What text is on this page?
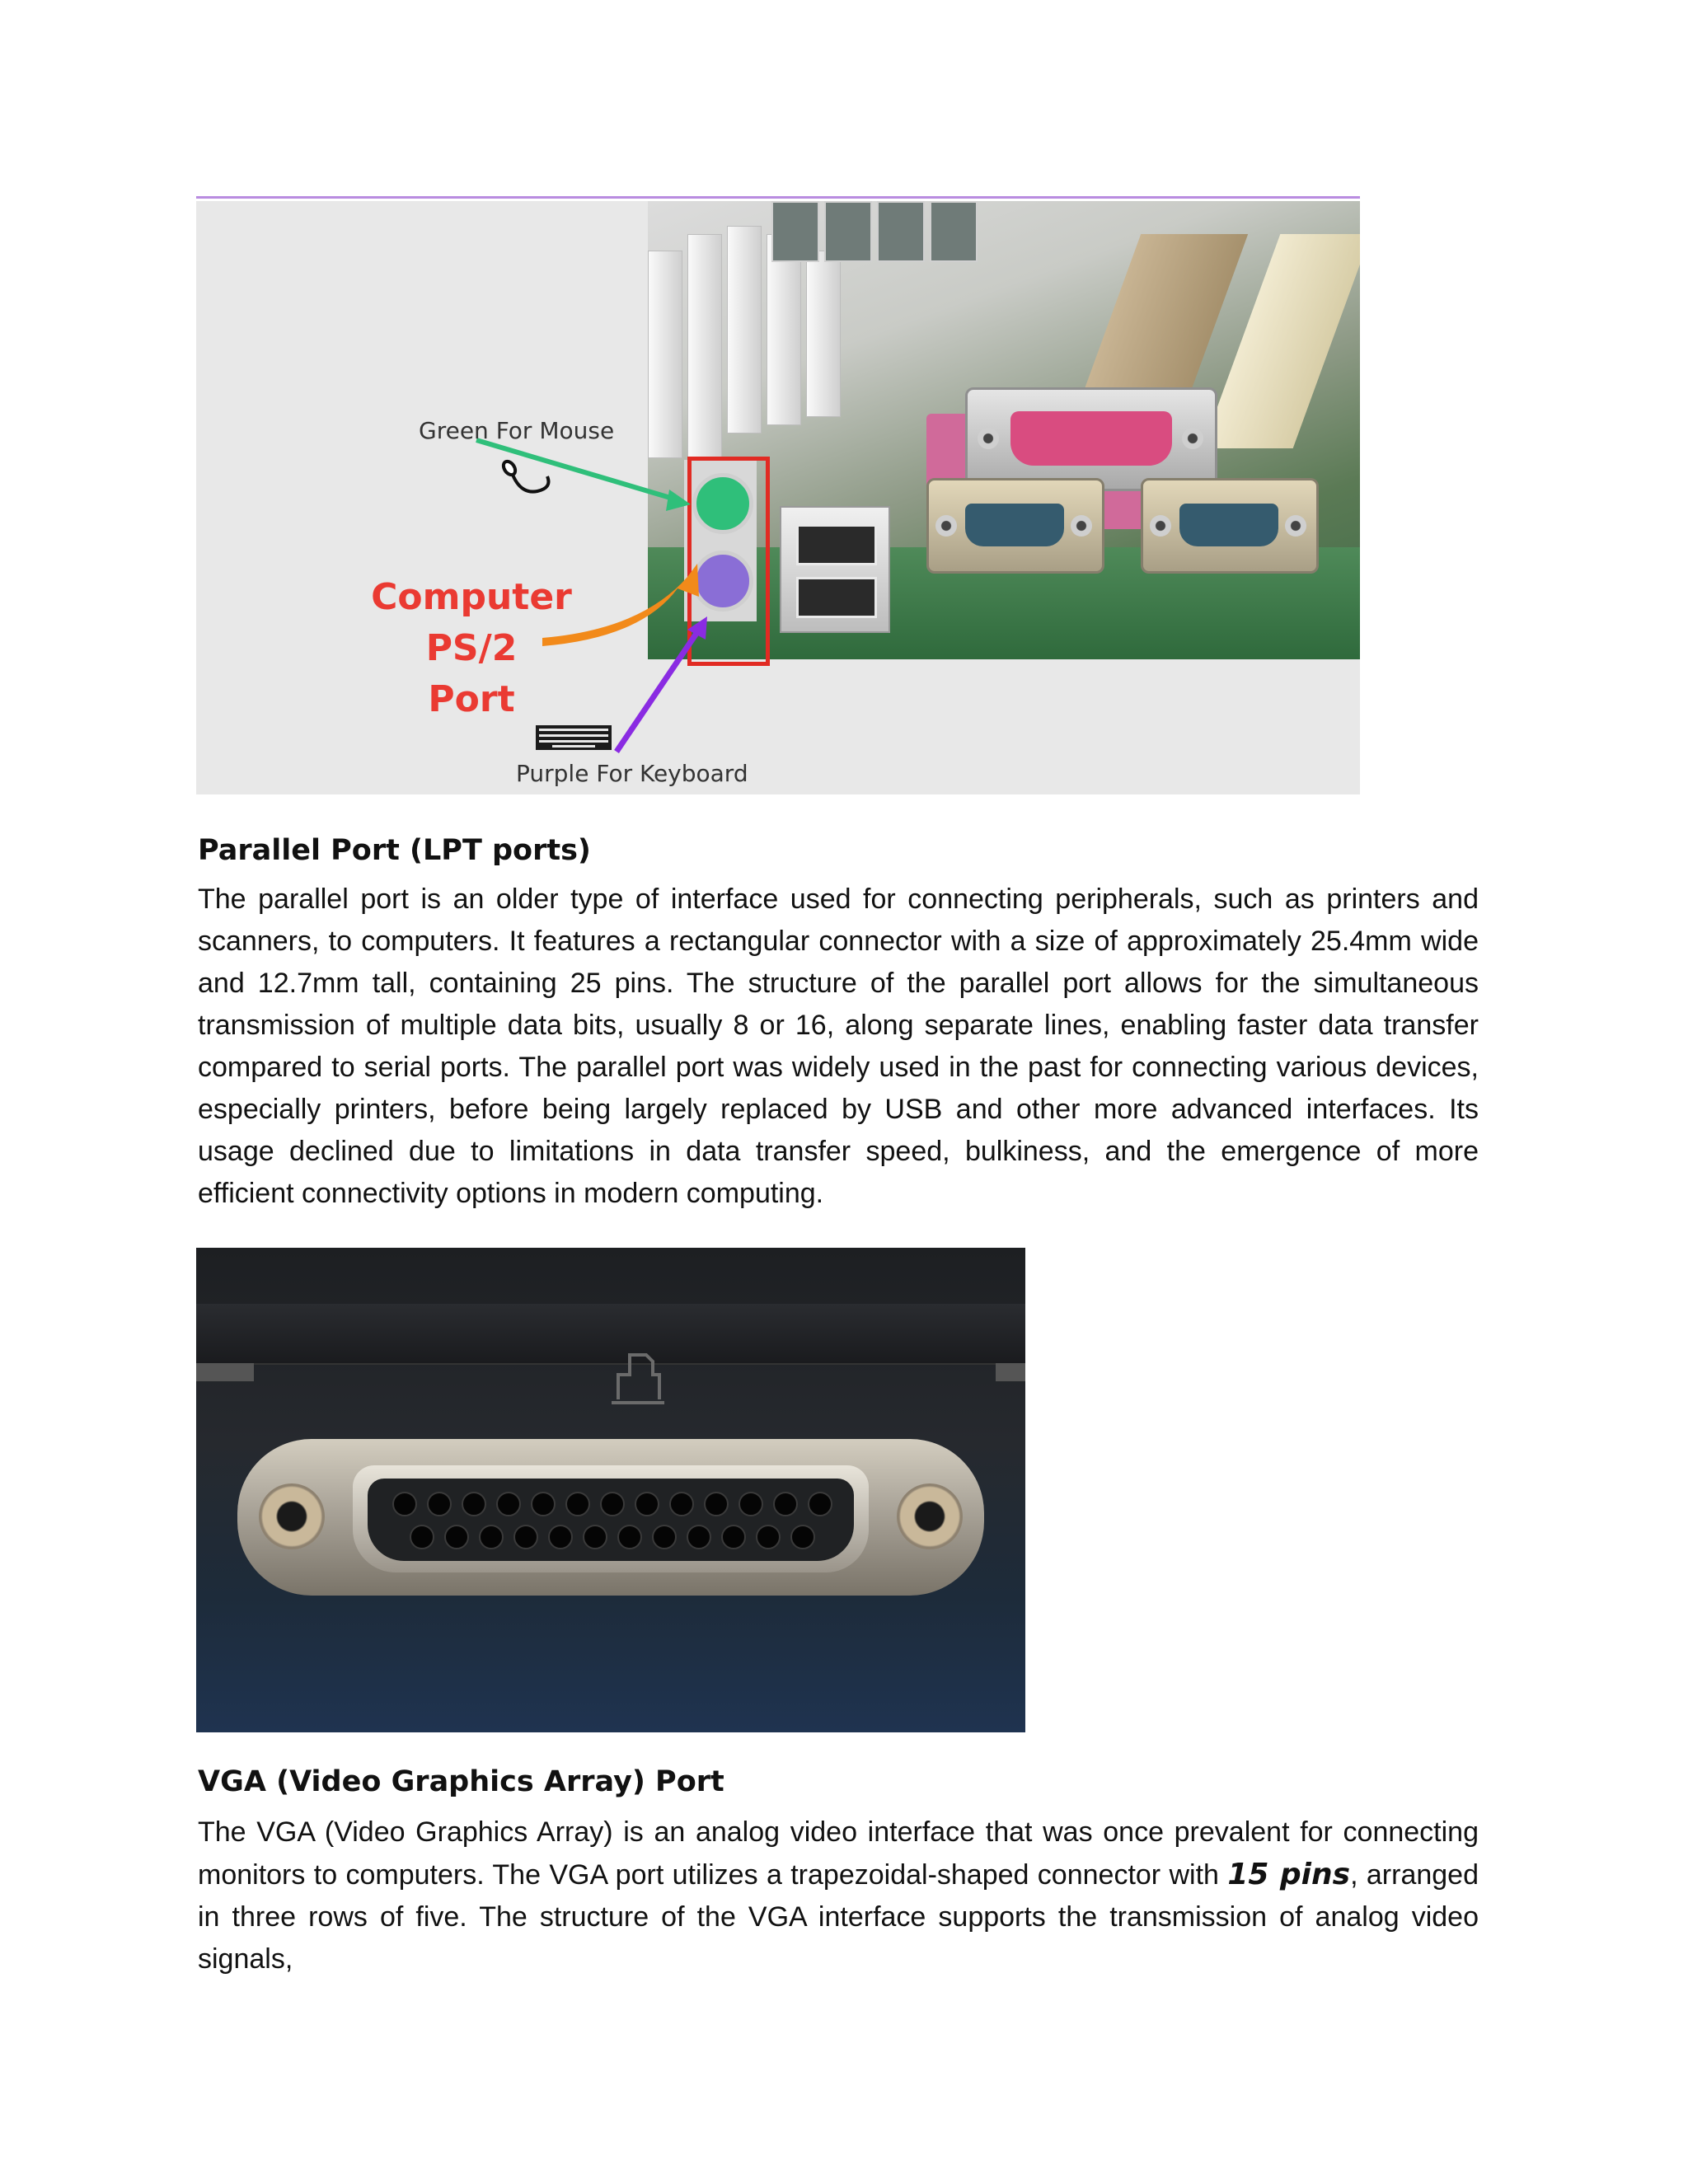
Green For Mouse
Purple For Keyboard
Computer PS/2
Port
Parallel Port (LPT ports)

The parallel port is an older type of interface used for connecting peripherals, such as printers and scanners, to computers. It features a rectangular connector with a size of approximately 25.4mm wide and 12.7mm tall, containing 25 pins. The structure of the parallel port allows for the simultaneous transmission of multiple data bits, usually 8 or 16, along separate lines, enabling faster data transfer compared to serial ports. The parallel port was widely used in the past for connecting various devices, especially printers, before being largely replaced by USB and other more advanced interfaces. Its usage declined due to limitations in data transfer speed, bulkiness, and the emergence of more efficient connectivity options in modern computing.

VGA (Video Graphics Array) Port

The VGA (Video Graphics Array) is an analog video interface that was once prevalent for connecting monitors to computers. The VGA port utilizes a trapezoidal-shaped connector with 15 pins, arranged in three rows of five. The structure of the VGA interface supports the transmission of analog video signals,
